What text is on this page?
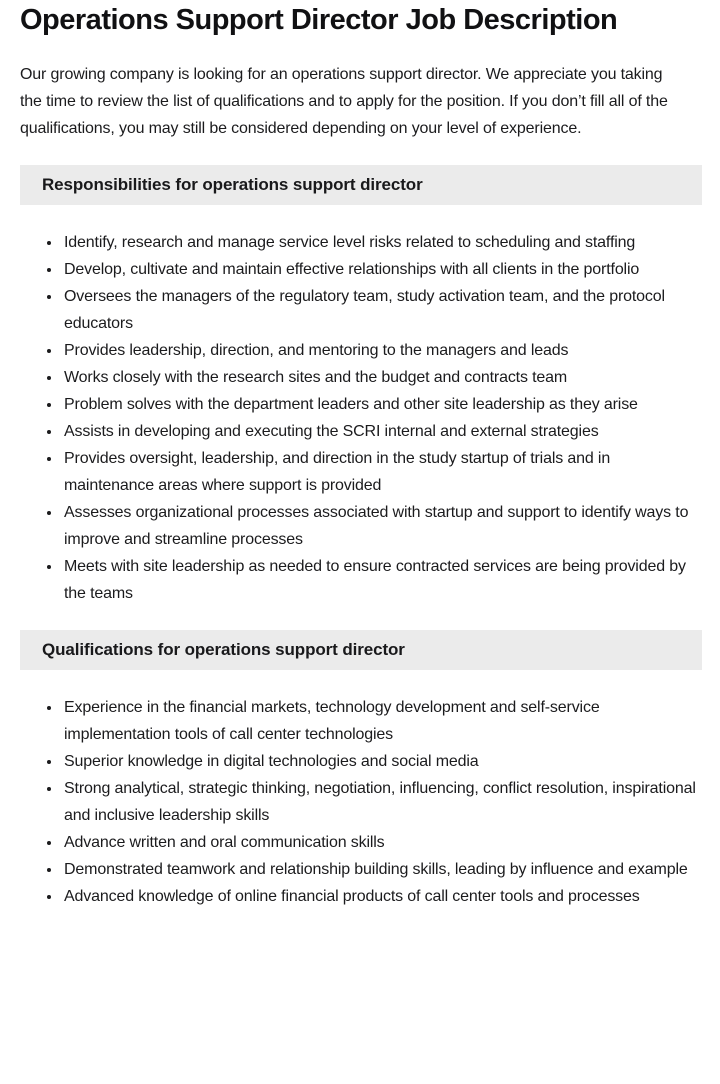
Operations Support Director Job Description

Our growing company is looking for an operations support director. We appreciate you taking the time to review the list of qualifications and to apply for the position. If you don’t fill all of the qualifications, you may still be considered depending on your level of experience.

Responsibilities for operations support director
• Identify, research and manage service level risks related to scheduling and staffing
• Develop, cultivate and maintain effective relationships with all clients in the portfolio
• Oversees the managers of the regulatory team, study activation team, and the protocol educators
• Provides leadership, direction, and mentoring to the managers and leads
• Works closely with the research sites and the budget and contracts team
• Problem solves with the department leaders and other site leadership as they arise
• Assists in developing and executing the SCRI internal and external strategies
• Provides oversight, leadership, and direction in the study startup of trials and in maintenance areas where support is provided
• Assesses organizational processes associated with startup and support to identify ways to improve and streamline processes
• Meets with site leadership as needed to ensure contracted services are being provided by the teams
Qualifications for operations support director
• Experience in the financial markets, technology development and self-service implementation tools of call center technologies
• Superior knowledge in digital technologies and social media
• Strong analytical, strategic thinking, negotiation, influencing, conflict resolution, inspirational and inclusive leadership skills
• Advance written and oral communication skills
• Demonstrated teamwork and relationship building skills, leading by influence and example
• Advanced knowledge of online financial products of call center tools and processes
